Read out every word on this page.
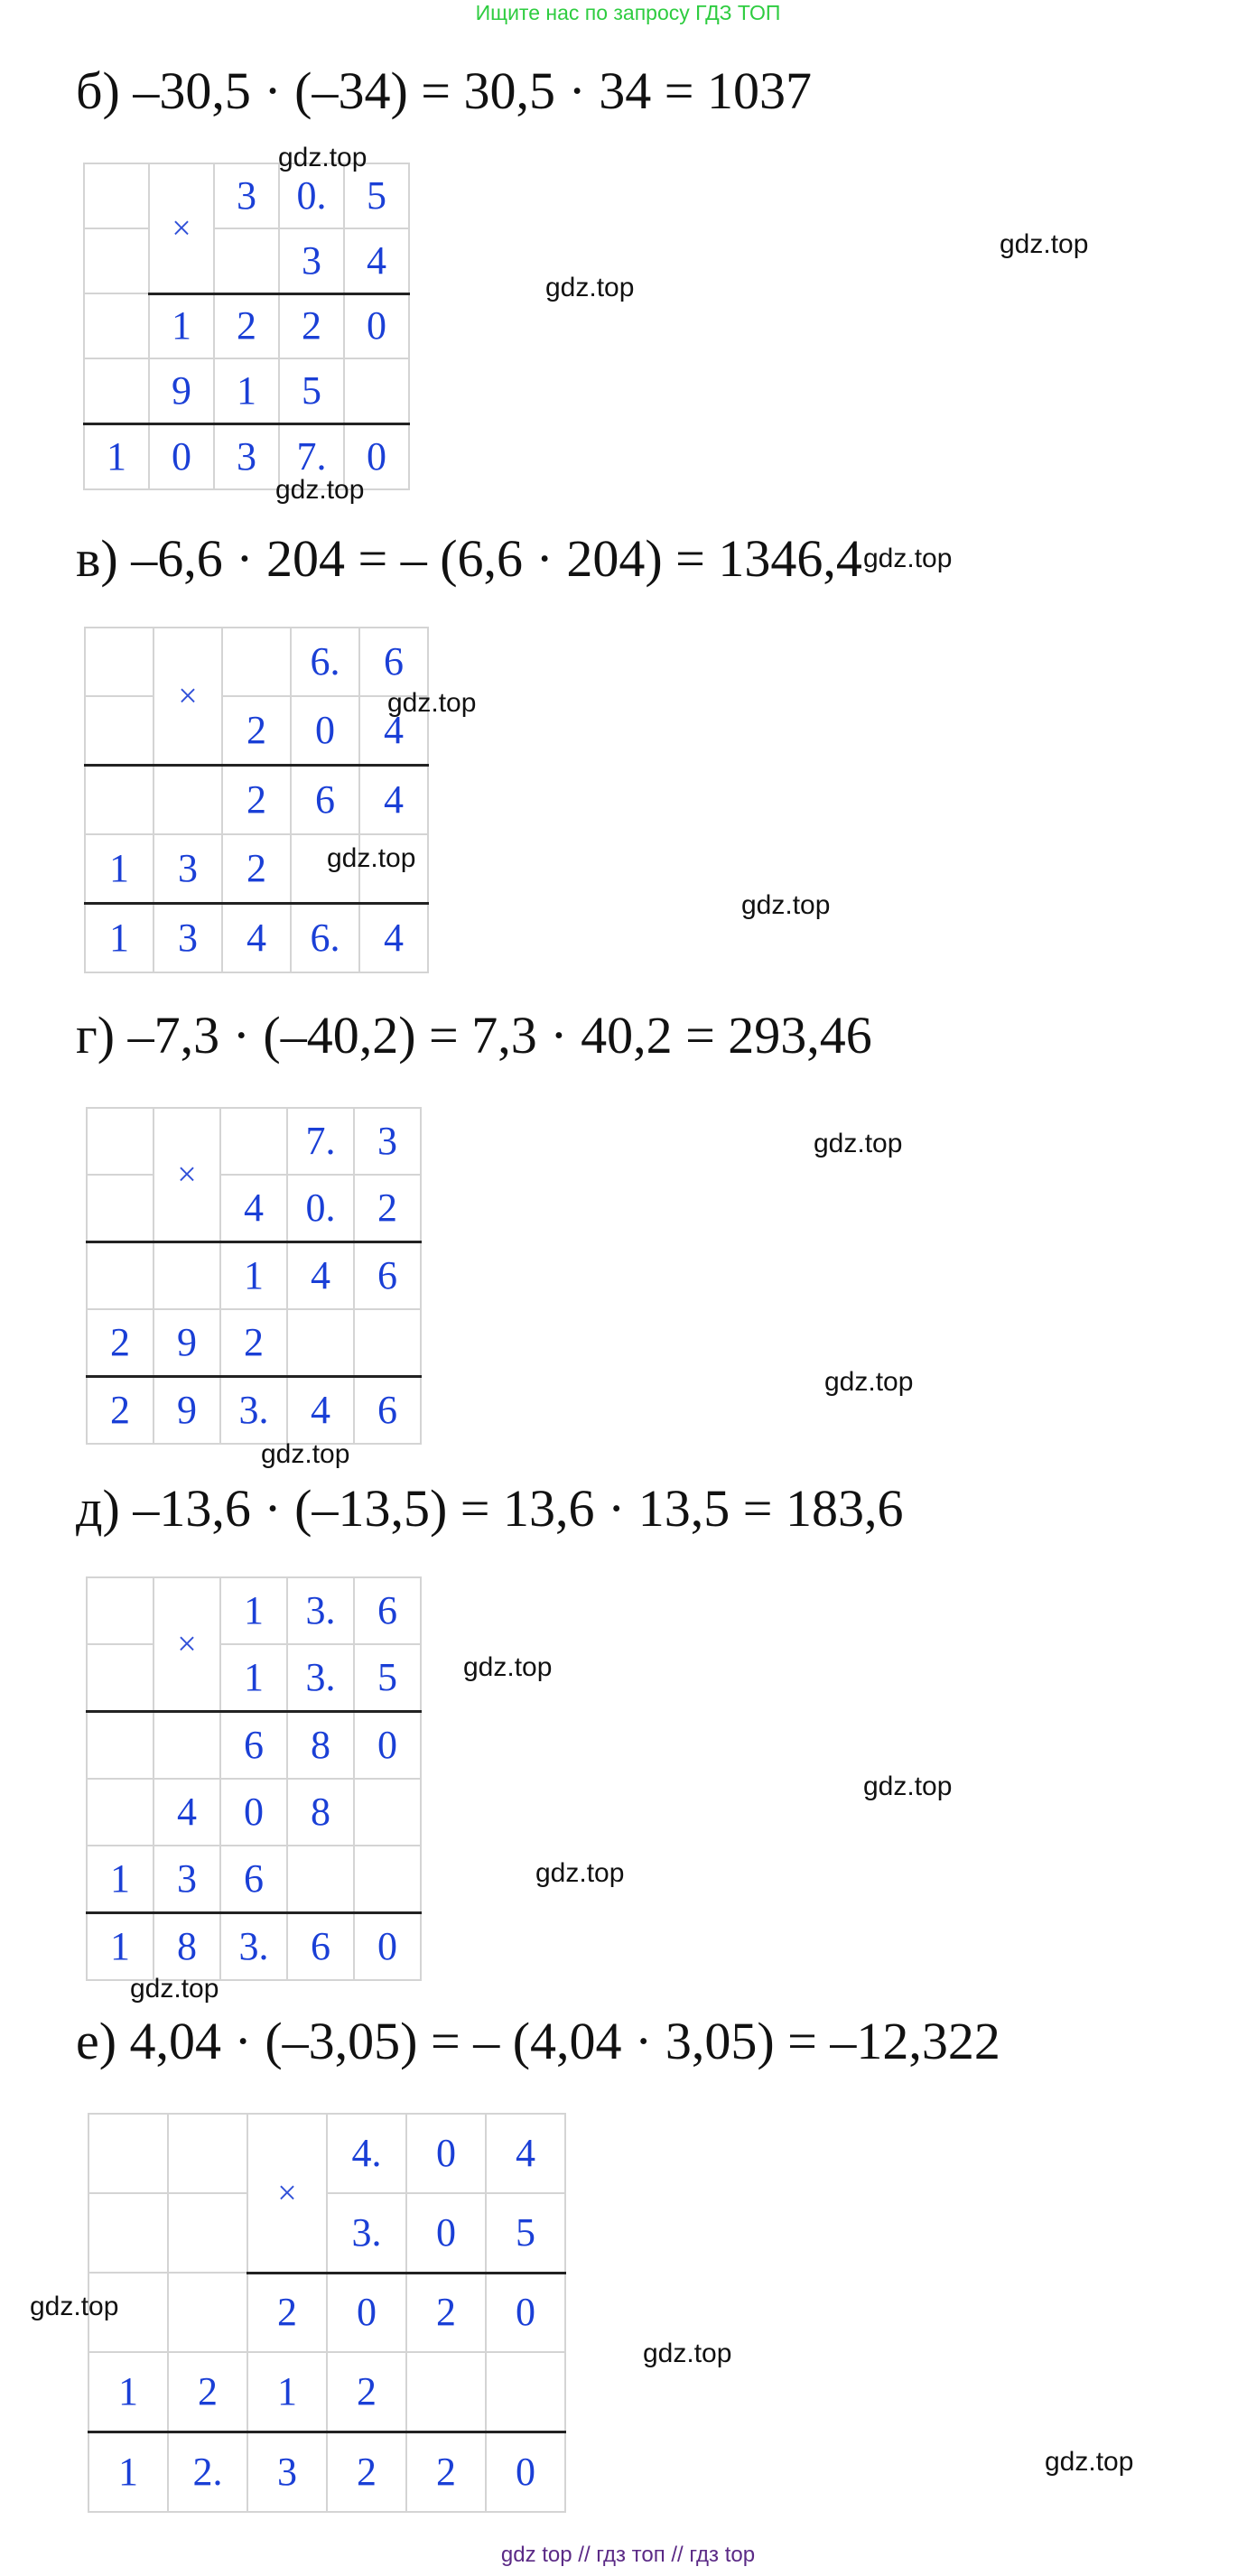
Ищите нас по запросу ГДЗ ТОП
б) –30,5 · (–34) = 30,5 · 34 = 1037
	×	3	0.	5
			3	4
	1	2	2	0
	9	1	5	
1	0	3	7.	0
в) –6,6 · 204 = – (6,6 · 204) = 1346,4
	×		6.	6
		2	0	4
		2	6	4
1	3	2		
1	3	4	6.	4
г) –7,3 · (–40,2) = 7,3 · 40,2 = 293,46
	×		7.	3
		4	0.	2
		1	4	6
2	9	2		
2	9	3.	4	6
д) –13,6 · (–13,5) = 13,6 · 13,5 = 183,6
	×	1	3.	6
		1	3.	5
		6	8	0
	4	0	8	
1	3	6		
1	8	3.	6	0
е) 4,04 · (–3,05) = – (4,04 · 3,05) = –12,322
		×	4.	0	4
			3.	0	5
		2	0	2	0
1	2	1	2		
1	2.	3	2	2	0
gdz.top
gdz.top
gdz.top
gdz.top
gdz.top
gdz.top
gdz.top
gdz.top
gdz.top
gdz.top
gdz.top
gdz.top
gdz.top
gdz.top
gdz.top
gdz.top
gdz.top
gdz.top
gdz top // гдз топ // гдз top
